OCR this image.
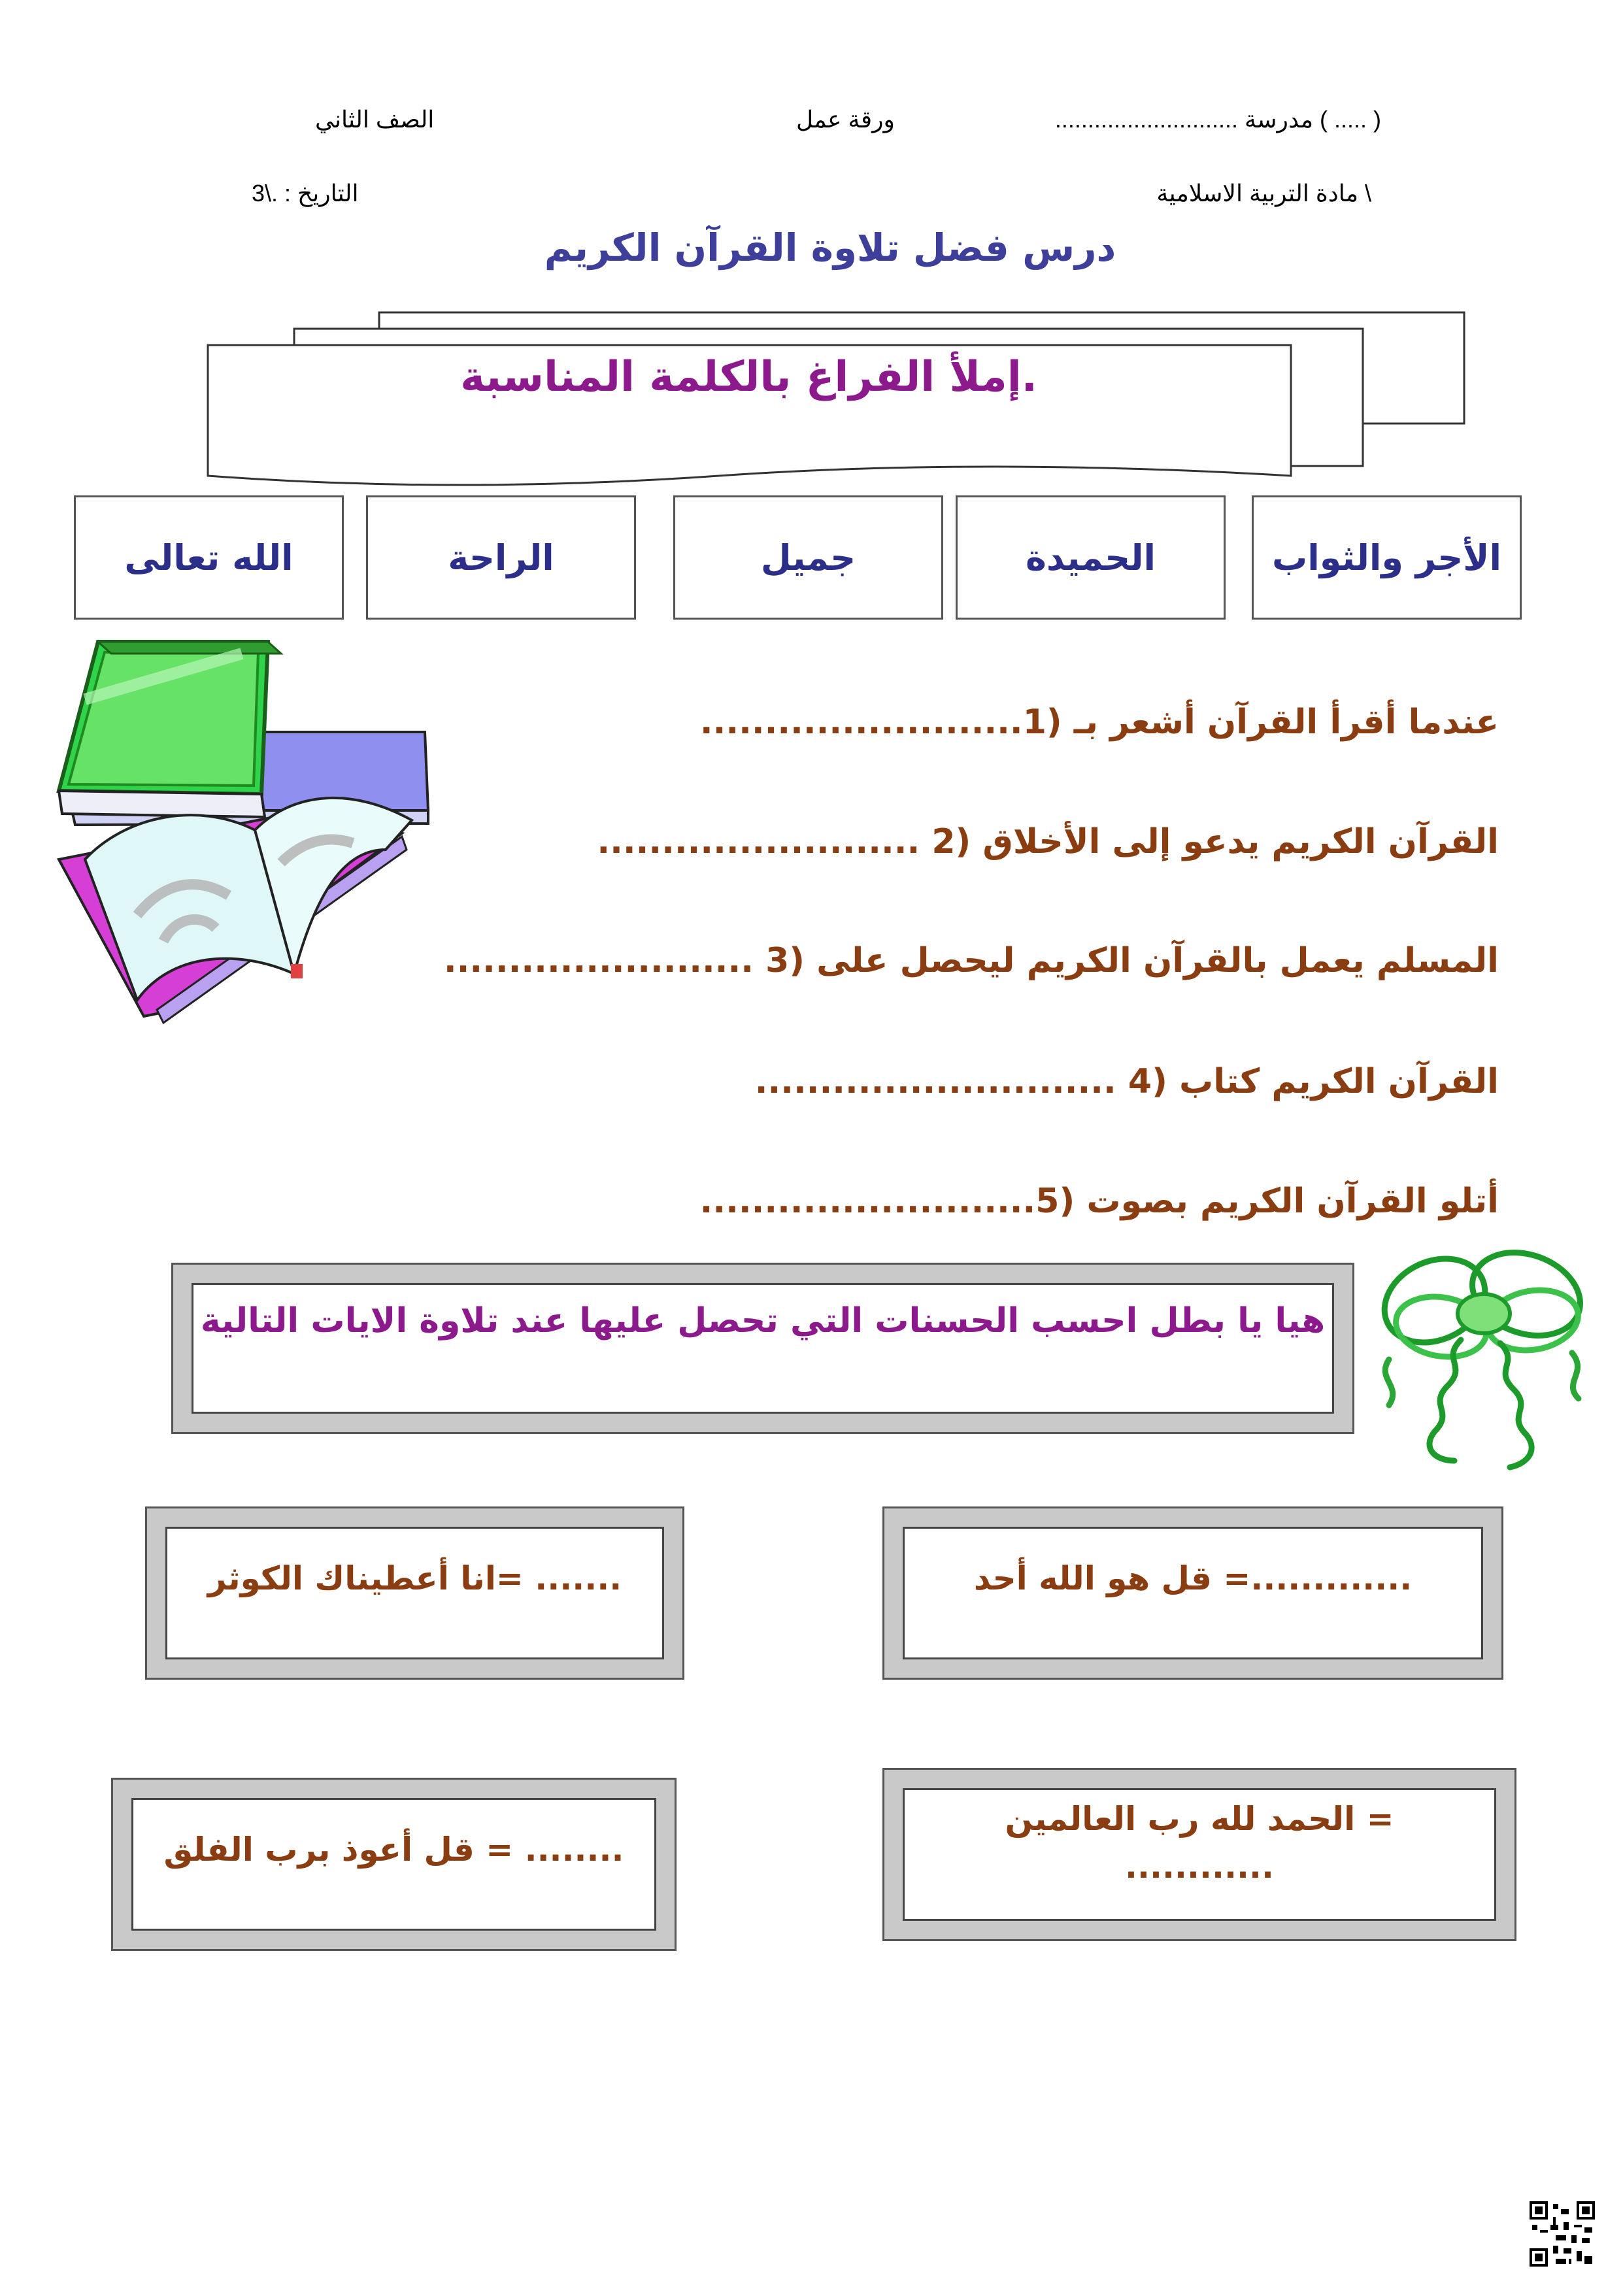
( ..... ) مدرسة ............................
ورقة عمل
الصف الثاني
\ مادة التربية الاسلامية
التاريخ : .\3
درس فضل تلاوة القرآن الكريم
.إملأ الفراغ بالكلمة المناسبة
الأجر والثواب
الحميدة
جميل
الراحة
الله تعالى
عندما أقرأ القرآن أشعر بـ (1.........................
القرآن الكريم يدعو إلى الأخلاق (2 .........................
المسلم يعمل بالقرآن الكريم ليحصل على (3 ........................
القرآن الكريم كتاب (4 ............................
أتلو القرآن الكريم بصوت (5..........................
هيا يا بطل احسب الحسنات التي تحصل عليها عند تلاوة الايات التالية
.............= قل هو الله أحد
....... =انا أعطيناك الكوثر
= الحمد لله رب العالمين
............
........ = قل أعوذ برب الفلق
